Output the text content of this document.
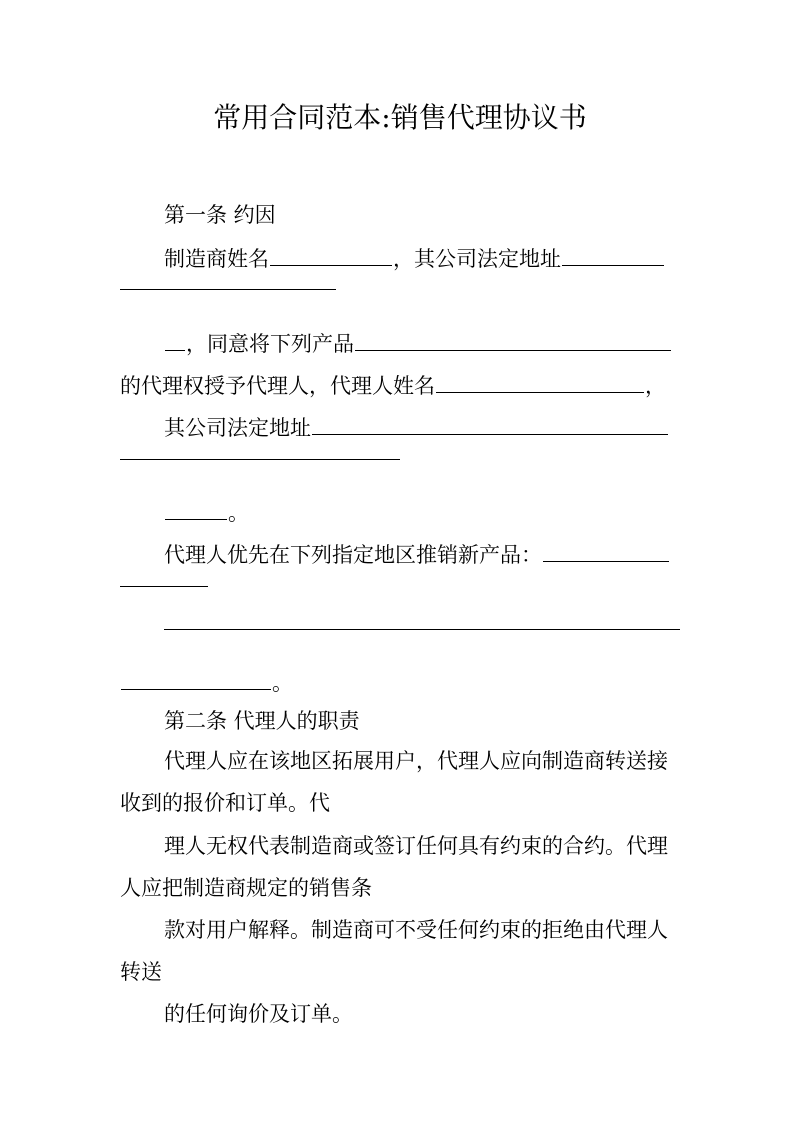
常用合同范本:销售代理协议书
第一条 约因
制造商姓名	，其公司法定地址
，同意将下列产品
的代理权授予代理人，代理人姓名	，
其公司法定地址
。
代理人优先在下列指定地区推销新产品：
。
第二条 代理人的职责
代理人应在该地区拓展用户，代理人应向制造商转送接
收到的报价和订单。代
理人无权代表制造商或签订任何具有约束的合约。代理
人应把制造商规定的销售条
款对用户解释。制造商可不受任何约束的拒绝由代理人
转送
的任何询价及订单。
